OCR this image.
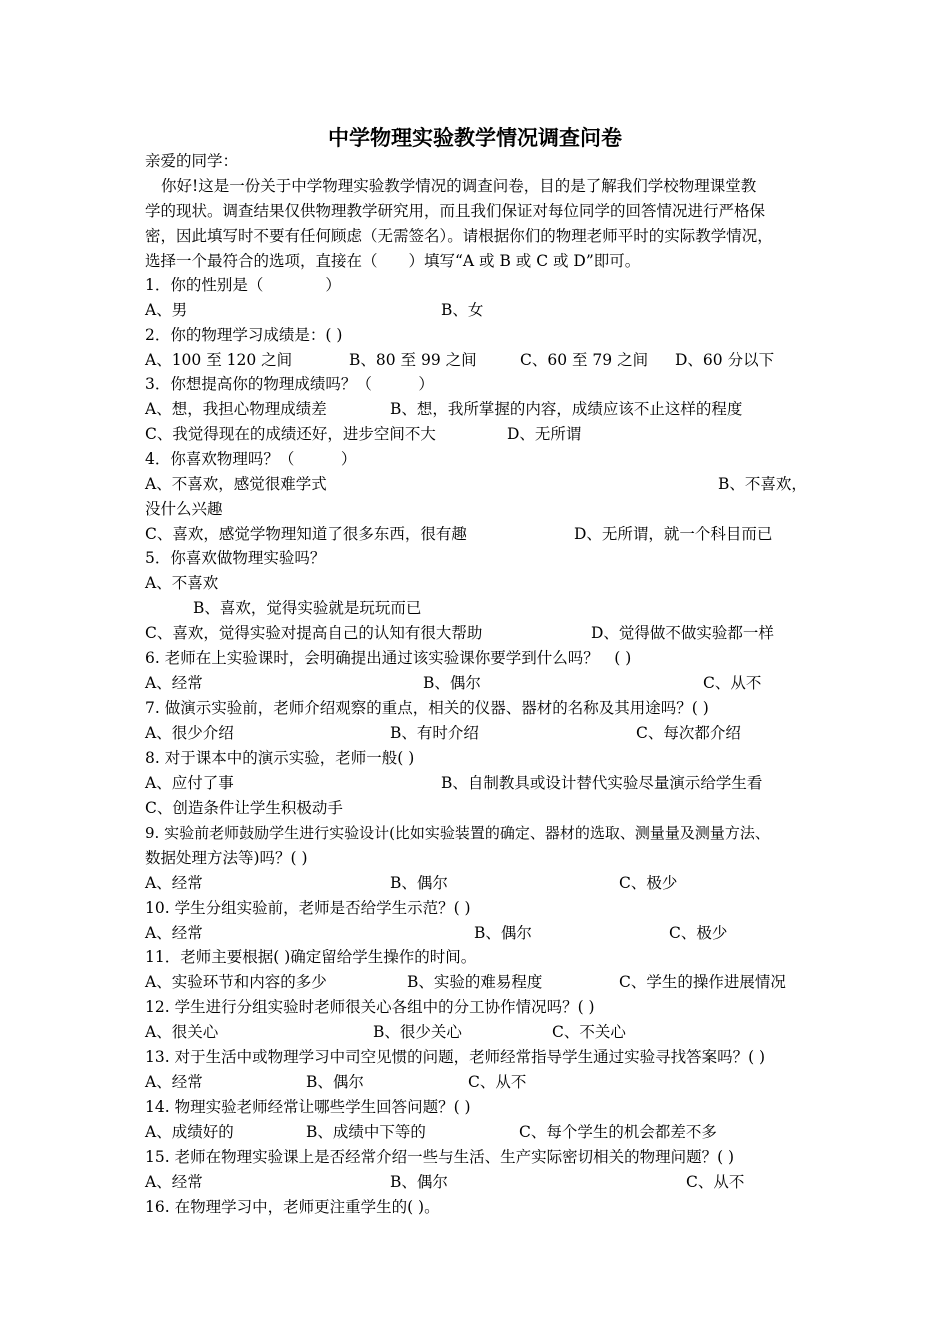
中学物理实验教学情况调查问卷
亲爱的同学：
你好!这是一份关于中学物理实验教学情况的调查问卷，目的是了解我们学校物理课堂教
学的现状。调查结果仅供物理教学研究用，而且我们保证对每位同学的回答情况进行严格保
密，因此填写时不要有任何顾虑（无需签名）。请根据你们的物理老师平时的实际教学情况，
选择一个最符合的选项，直接在（　　）填写“A 或 B 或 C 或 D”即可。
1．你的性别是（　　　　）
A、男	B、女
2．你的物理学习成绩是：( )
A、100 至 120 之间	B、80 至 99 之间	C、60 至 79 之间 D、60 分以下
3．你想提高你的物理成绩吗？（　　　）
A、想，我担心物理成绩差	B、想，我所掌握的内容，成绩应该不止这样的程度
C、我觉得现在的成绩还好，进步空间不大	D、无所谓
4．你喜欢物理吗？（　　　）
A、不喜欢，感觉很难学式	B、不喜欢，
没什么兴趣
C、喜欢，感觉学物理知道了很多东西，很有趣	D、无所谓，就一个科目而已
5．你喜欢做物理实验吗？
A、不喜欢
B、喜欢，觉得实验就是玩玩而已
C、喜欢，觉得实验对提高自己的认知有很大帮助	D、觉得做不做实验都一样
6. 老师在上实验课时，会明确提出通过该实验课你要学到什么吗？　( )
A、经常	B、偶尔	C、从不
7. 做演示实验前，老师介绍观察的重点，相关的仪器、器材的名称及其用途吗？( )
A、很少介绍	B、有时介绍	C、每次都介绍
8. 对于课本中的演示实验，老师一般( )
A、应付了事	B、自制教具或设计替代实验尽量演示给学生看
C、创造条件让学生积极动手
9. 实验前老师鼓励学生进行实验设计(比如实验装置的确定、器材的选取、测量量及测量方法、
数据处理方法等)吗？( )
A、经常	B、偶尔	C、极少
10. 学生分组实验前，老师是否给学生示范？( )
A、经常	B、偶尔	C、极少
11．老师主要根据( )确定留给学生操作的时间。
A、实验环节和内容的多少	B、实验的难易程度	C、学生的操作进展情况
12. 学生进行分组实验时老师很关心各组中的分工协作情况吗？( )
A、很关心	B、很少关心	C、不关心
13. 对于生活中或物理学习中司空见惯的问题，老师经常指导学生通过实验寻找答案吗？( )
A、经常	B、偶尔	C、从不
14. 物理实验老师经常让哪些学生回答问题？( )
A、成绩好的	B、成绩中下等的	C、每个学生的机会都差不多
15. 老师在物理实验课上是否经常介绍一些与生活、生产实际密切相关的物理问题？( )
A、经常	B、偶尔	C、从不
16. 在物理学习中，老师更注重学生的( )。
